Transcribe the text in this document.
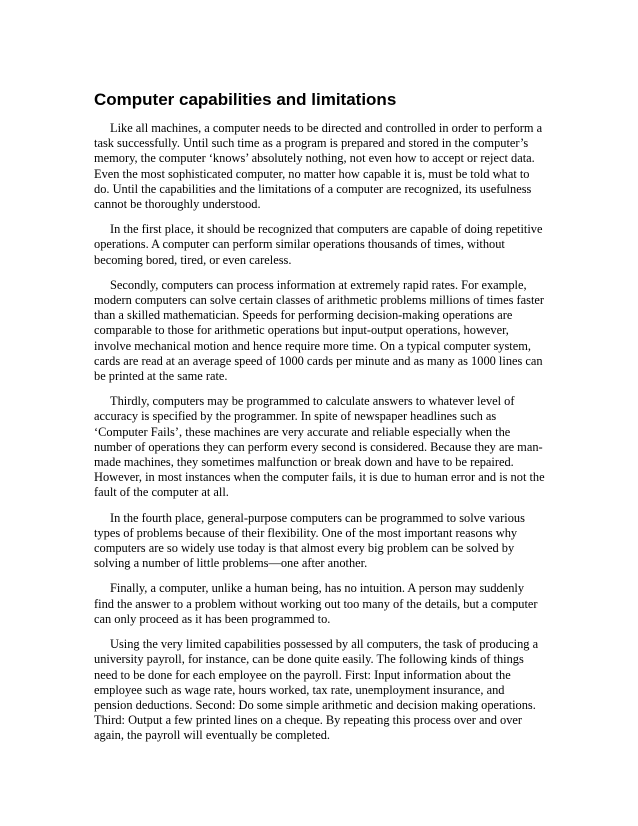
Computer capabilities and limitations

Like all machines, a computer needs to be directed and controlled in order to perform a task successfully. Until such time as a program is prepared and stored in the computer’s memory, the computer ‘knows’ absolutely nothing, not even how to accept or reject data. Even the most sophisticated computer, no matter how capable it is, must be told what to do. Until the capabilities and the limitations of a computer are recognized, its usefulness cannot be thoroughly understood.

In the first place, it should be recognized that computers are capable of doing repetitive operations. A computer can perform similar operations thousands of times, without becoming bored, tired, or even careless.

Secondly, computers can process information at extremely rapid rates. For example, modern computers can solve certain classes of arithmetic problems millions of times faster than a skilled mathematician. Speeds for performing decision-making operations are comparable to those for arithmetic operations but input-output operations, however, involve mechanical motion and hence require more time. On a typical computer system, cards are read at an average speed of 1000 cards per minute and as many as 1000 lines can be printed at the same rate.

Thirdly, computers may be programmed to calculate answers to whatever level of accuracy is specified by the programmer. In spite of newspaper headlines such as ‘Computer Fails’, these machines are very accurate and reliable especially when the number of operations they can perform every second is considered. Because they are man-made machines, they sometimes malfunction or break down and have to be repaired. However, in most instances when the computer fails, it is due to human error and is not the fault of the computer at all.

In the fourth place, general-purpose computers can be programmed to solve various types of problems because of their flexibility. One of the most important reasons why computers are so widely use today is that almost every big problem can be solved by solving a number of little problems—one after another.

Finally, a computer, unlike a human being, has no intuition. A person may suddenly find the answer to a problem without working out too many of the details, but a computer can only proceed as it has been programmed to.

Using the very limited capabilities possessed by all computers, the task of producing a university payroll, for instance, can be done quite easily. The following kinds of things need to be done for each employee on the payroll. First: Input information about the employee such as wage rate, hours worked, tax rate, unemployment insurance, and pension deductions. Second: Do some simple arithmetic and decision making operations. Third: Output a few printed lines on a cheque. By repeating this process over and over again, the payroll will eventually be completed.
